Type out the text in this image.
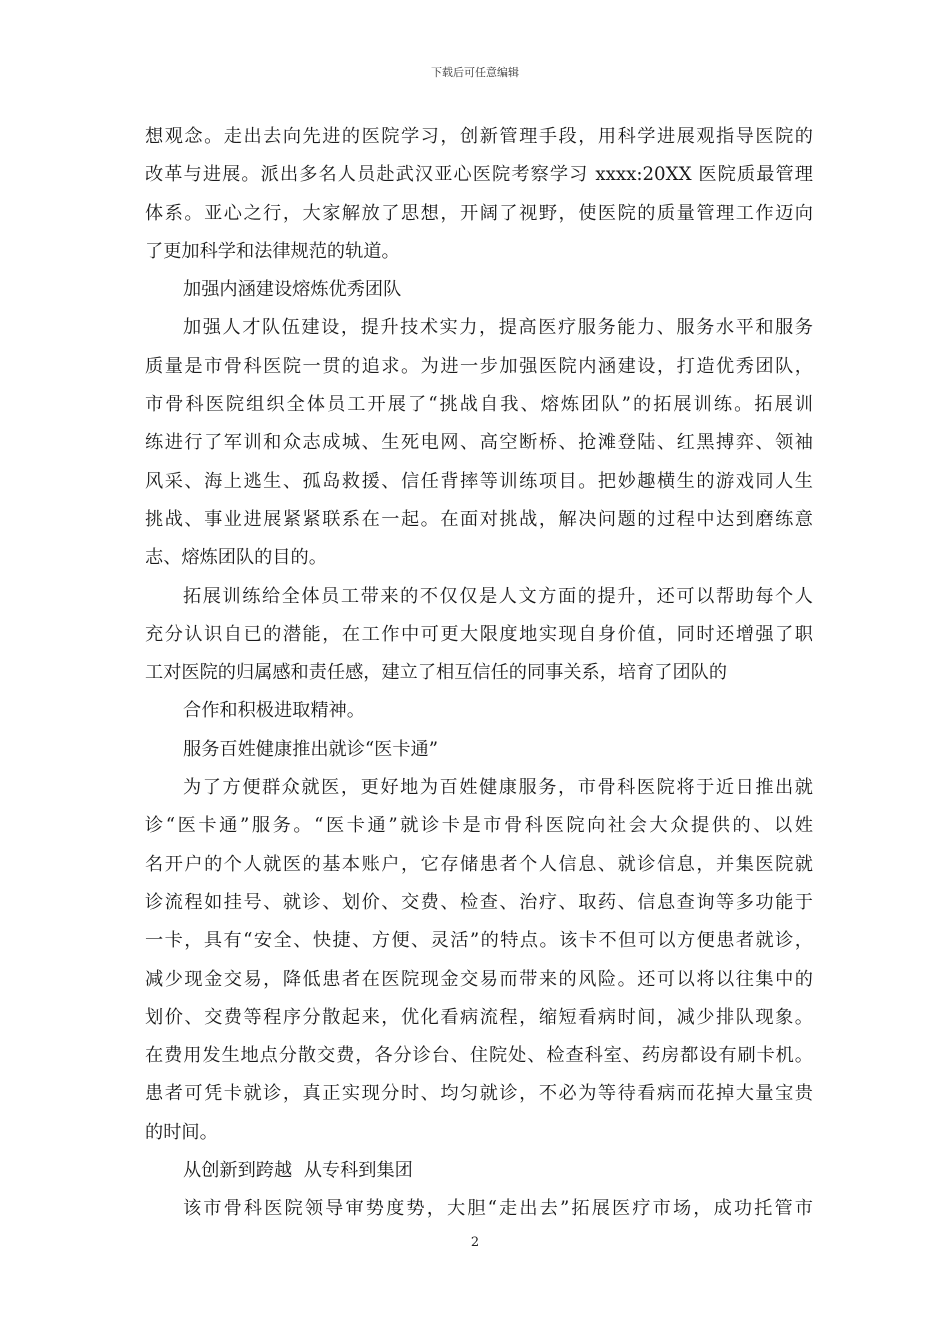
下载后可任意编辑
想观念。走出去向先进的医院学习，创新管理手段，用科学进展观指导医院的
改革与进展。派出多名人员赴武汉亚心医院考察学习 xxxx:20XX 医院质最管理
体系。亚心之行，大家解放了思想，开阔了视野，使医院的质量管理工作迈向
了更加科学和法律规范的轨道。
加强内涵建设熔炼优秀团队
加强人才队伍建设，提升技术实力，提高医疗服务能力、服务水平和服务
质量是市骨科医院一贯的追求。为进一步加强医院内涵建设，打造优秀团队，
市骨科医院组织全体员工开展了“挑战自我、熔炼团队”的拓展训练。拓展训
练进行了军训和众志成城、生死电网、高空断桥、抢滩登陆、红黑搏弈、领袖
风采、海上逃生、孤岛救援、信任背摔等训练项目。把妙趣横生的游戏同人生
挑战、事业进展紧紧联系在一起。在面对挑战，解决问题的过程中达到磨练意
志、熔炼团队的目的。
拓展训练给全体员工带来的不仅仅是人文方面的提升，还可以帮助每个人
充分认识自已的潜能，在工作中可更大限度地实现自身价值，同时还增强了职
工对医院的归属感和责任感，建立了相互信任的同事关系，培育了团队的
合作和积极进取精神。
服务百姓健康推出就诊“医卡通”
为了方便群众就医，更好地为百姓健康服务，市骨科医院将于近日推出就
诊“医卡通”服务。“医卡通”就诊卡是市骨科医院向社会大众提供的、以姓
名开户的个人就医的基本账户，它存储患者个人信息、就诊信息，并集医院就
诊流程如挂号、就诊、划价、交费、检查、治疗、取药、信息查询等多功能于
一卡，具有“安全、快捷、方便、灵活”的特点。该卡不但可以方便患者就诊，
减少现金交易，降低患者在医院现金交易而带来的风险。还可以将以往集中的
划价、交费等程序分散起来，优化看病流程，缩短看病时间，减少排队现象。
在费用发生地点分散交费，各分诊台、住院处、检查科室、药房都设有刷卡机。
患者可凭卡就诊，真正实现分时、均匀就诊，不必为等待看病而花掉大量宝贵
的时间。
从创新到跨越  从专科到集团
该市骨科医院领导审势度势，大胆“走出去”拓展医疗市场，成功托管市
2
